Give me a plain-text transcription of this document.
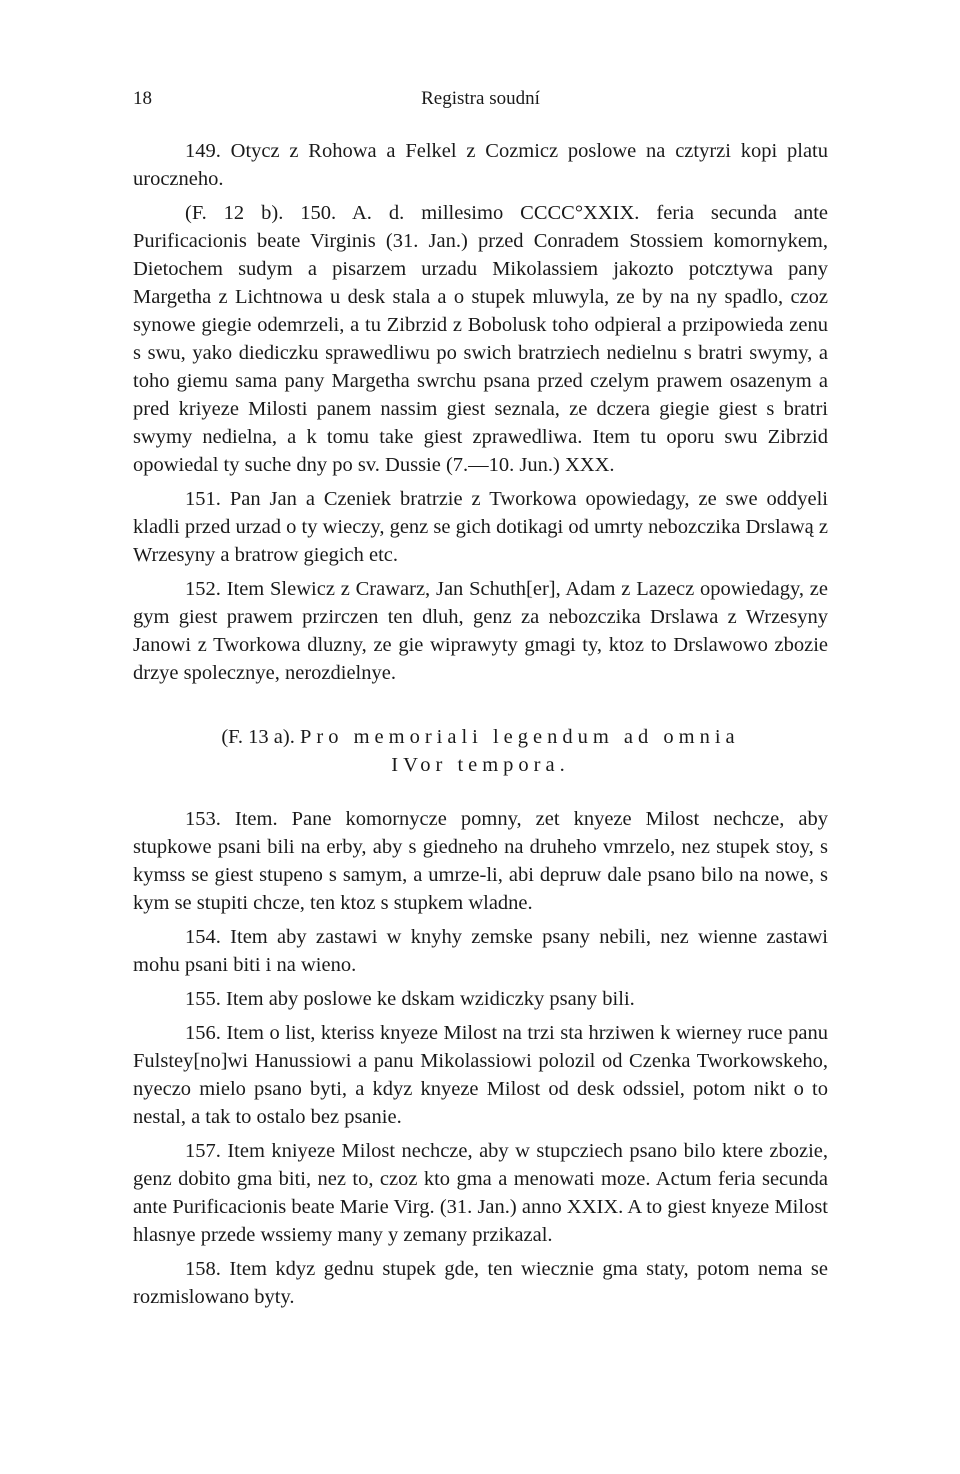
18	Registra soudní

149. Otycz z Rohowa a Felkel z Cozmicz poslowe na cztyrzi kopi platu uroczneho.

(F. 12 b). 150. A. d. millesimo CCCC°XXIX. feria secunda ante Purificacionis beate Virginis (31. Jan.) przed Conradem Stossiem komornykem, Dietochem sudym a pisarzem urzadu Mikolassiem jakozto potcztywa pany Margetha z Lichtnowa u desk stala a o stupek mluwyla, ze by na ny spadlo, czoz synowe giegie odemrzeli, a tu Zibrzid z Bobolusk toho odpieral a przipowieda zenu s swu, yako diediczku sprawedliwu po swich bratrziech nedielnu s bratri swymy, a toho giemu sama pany Margetha swrchu psana przed czelym prawem osazenym a pred kriyeze Milosti panem nassim giest seznala, ze dczera giegie giest s bratri swymy nedielna, a k tomu take giest zprawedliwa. Item tu oporu swu Zibrzid opowiedal ty suche dny po sv. Dussie (7.—10. Jun.) XXX.

151. Pan Jan a Czeniek bratrzie z Tworkowa opowiedagy, ze swe oddyeli kladli przed urzad o ty wieczy, genz se gich dotikagi od umrty nebozczika Drslawą z Wrzesyny a bratrow giegich etc.

152. Item Slewicz z Crawarz, Jan Schuth[er], Adam z Lazecz opowiedagy, ze gym giest prawem przirczen ten dluh, genz za nebozczika Drslawa z Wrzesyny Janowi z Tworkowa dluzny, ze gie wiprawyty gmagi ty, ktoz to Drslawowo zbozie drzye spolecznye, nerozdielnye.

(F. 13 a). Pro memoriali legendum ad omnia
IVor tempora.

153. Item. Pane komornycze pomny, zet knyeze Milost nechcze, aby stupkowe psani bili na erby, aby s giedneho na druheho vmrzelo, nez stupek stoy, s kymss se giest stupeno s samym, a umrze-li, abi depruw dale psano bilo na nowe, s kym se stupiti chcze, ten ktoz s stupkem wladne.

154. Item aby zastawi w knyhy zemske psany nebili, nez wienne zastawi mohu psani biti i na wieno.

155. Item aby poslowe ke dskam wzidiczky psany bili.

156. Item o list, kteriss knyeze Milost na trzi sta hrziwen k wierney ruce panu Fulstey[no]wi Hanussiowi a panu Mikolassiowi polozil od Czenka Tworkowskeho, nyeczo mielo psano byti, a kdyz knyeze Milost od desk odssiel, potom nikt o to nestal, a tak to ostalo bez psanie.

157. Item kniyeze Milost nechcze, aby w stupcziech psano bilo ktere zbozie, genz dobito gma biti, nez to, czoz kto gma a menowati moze. Actum feria secunda ante Purificacionis beate Marie Virg. (31. Jan.) anno XXIX. A to giest knyeze Milost hlasnye przede wssiemy many y zemany przikazal.

158. Item kdyz gednu stupek gde, ten wiecznie gma staty, potom nema se rozmislowano byty.
